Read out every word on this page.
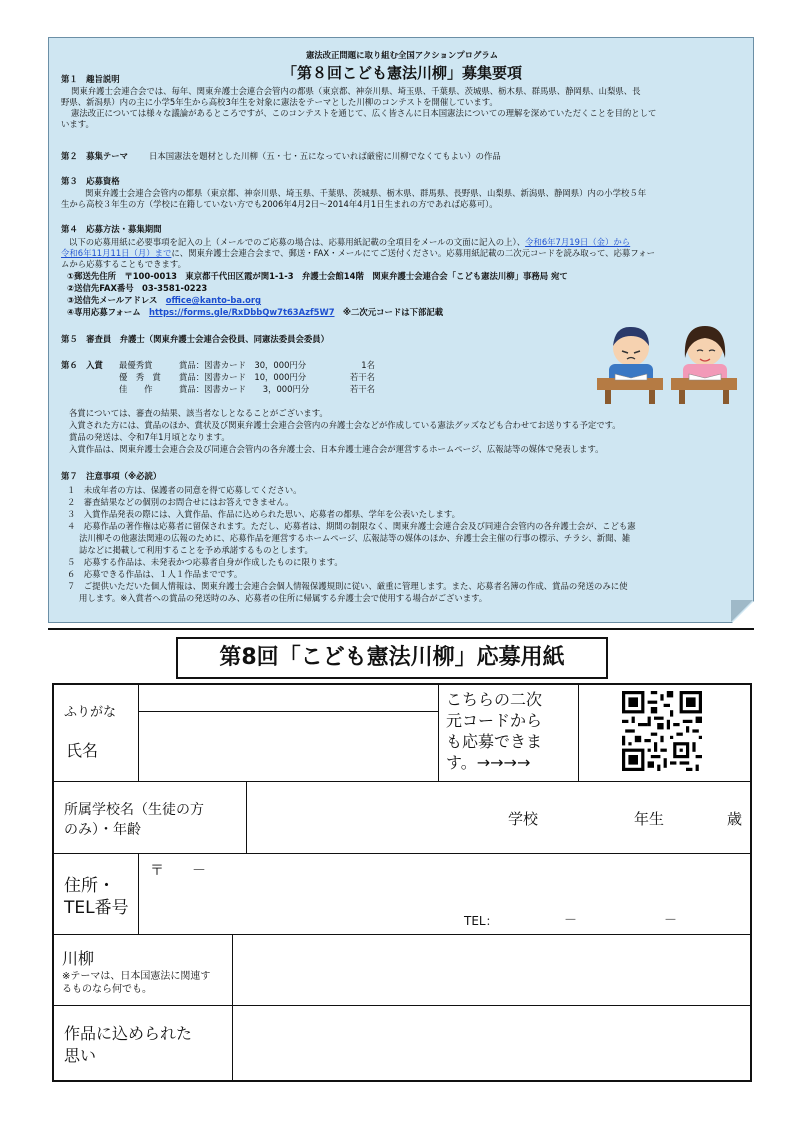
憲法改正問題に取り組む全国アクションプログラム
「第８回こども憲法川柳」募集要項
第１　趣旨説明
関東弁護士会連合会では、毎年、関東弁護士会連合会管内の都県（東京都、神奈川県、埼玉県、千葉県、茨城県、栃木県、群馬県、静岡県、山梨県、長
野県、新潟県）内の主に小学5年生から高校3年生を対象に憲法をテーマとした川柳のコンテストを開催しています。
憲法改正については様々な議論があるところですが、このコンテストを通じて、広く皆さんに日本国憲法についての理解を深めていただくことを目的として
います。
第２　募集テーマ	日本国憲法を題材とした川柳（五・七・五になっていれば厳密に川柳でなくてもよい）の作品
第３　応募資格
関東弁護士会連合会管内の都県（東京都、神奈川県、埼玉県、千葉県、茨城県、栃木県、群馬県、長野県、山梨県、新潟県、静岡県）内の小学校５年
生から高校３年生の方（学校に在籍していない方でも2006年4月2日～2014年4月1日生まれの方であれば応募可）。
第４　応募方法・募集期間
以下の応募用紙に必要事項を記入の上（メールでのご応募の場合は、応募用紙記載の全項目をメールの文面に記入の上）、令和6年7月19日（金）から
令和6年11月11日（月）までに、関東弁護士会連合会まで、郵送・FAX・メールにてご送付ください。応募用紙記載の二次元コードを読み取って、応募フォー
ムから応募することもできます。
①郵送先住所　〒100-0013　東京都千代田区霞が関1-1-3　弁護士会館14階　関東弁護士会連合会「こども憲法川柳」事務局 宛て
②送信先FAX番号　03-3581-0223
③送信先メールアドレス　office@kanto-ba.org
④専用応募フォーム　https://forms.gle/RxDbbQw7t63Azf5W7　※二次元コードは下部記載
第５　審査員　弁護士（関東弁護士会連合会役員、同憲法委員会委員）
第６　入賞 最優秀賞	賞品：図書カード　30，000円分	1名
優　秀　賞 賞品：図書カード　10，000円分	若干名
佳　　作	賞品：図書カード　　3，000円分	若干名
各賞については、審査の結果、該当者なしとなることがございます。
入賞された方には、賞品のほか、賞状及び関東弁護士会連合会管内の弁護士会などが作成している憲法グッズなども合わせてお送りする予定です。
賞品の発送は、令和7年1月頃となります。
入賞作品は、関東弁護士会連合会及び同連合会管内の各弁護士会、日本弁護士連合会が運営するホームページ、広報誌等の媒体で発表します。
第７　注意事項（※必読）
１　未成年者の方は、保護者の同意を得て応募してください。
２　審査結果などの個別のお問合せにはお答えできません。
３　入賞作品発表の際には、入賞作品、作品に込められた思い、応募者の都県、学年を公表いたします。
４　応募作品の著作権は応募者に留保されます。ただし、応募者は、期間の制限なく、関東弁護士会連合会及び同連合会管内の各弁護士会が、こども憲
法川柳その他憲法関連の広報のために、応募作品を運営するホームページ、広報誌等の媒体のほか、弁護士会主催の行事の標示、チラシ、新聞、雑
誌などに掲載して利用することを予め承諾するものとします。
５　応募する作品は、未発表かつ応募者自身が作成したものに限ります。
６　応募できる作品は、１人１作品までです。
７　ご提供いただいた個人情報は、関東弁護士会連合会個人情報保護規則に従い、厳重に管理します。また、応募者名簿の作成、賞品の発送のみに使
用します。※入賞者への賞品の発送時のみ、応募者の住所に帰属する弁護士会で使用する場合がございます。
第8回「こども憲法川柳」応募用紙
ふりがな
氏名
こちらの二次
元コードから
も応募できま
す。→→→→
所属学校名（生徒の方
のみ）・年齢
学校	年生	歳
住所・
TEL番号
〒　　－
TEL：	－	－
川柳
※テーマは、日本国憲法に関連す
るものなら何でも。
作品に込められた
思い
